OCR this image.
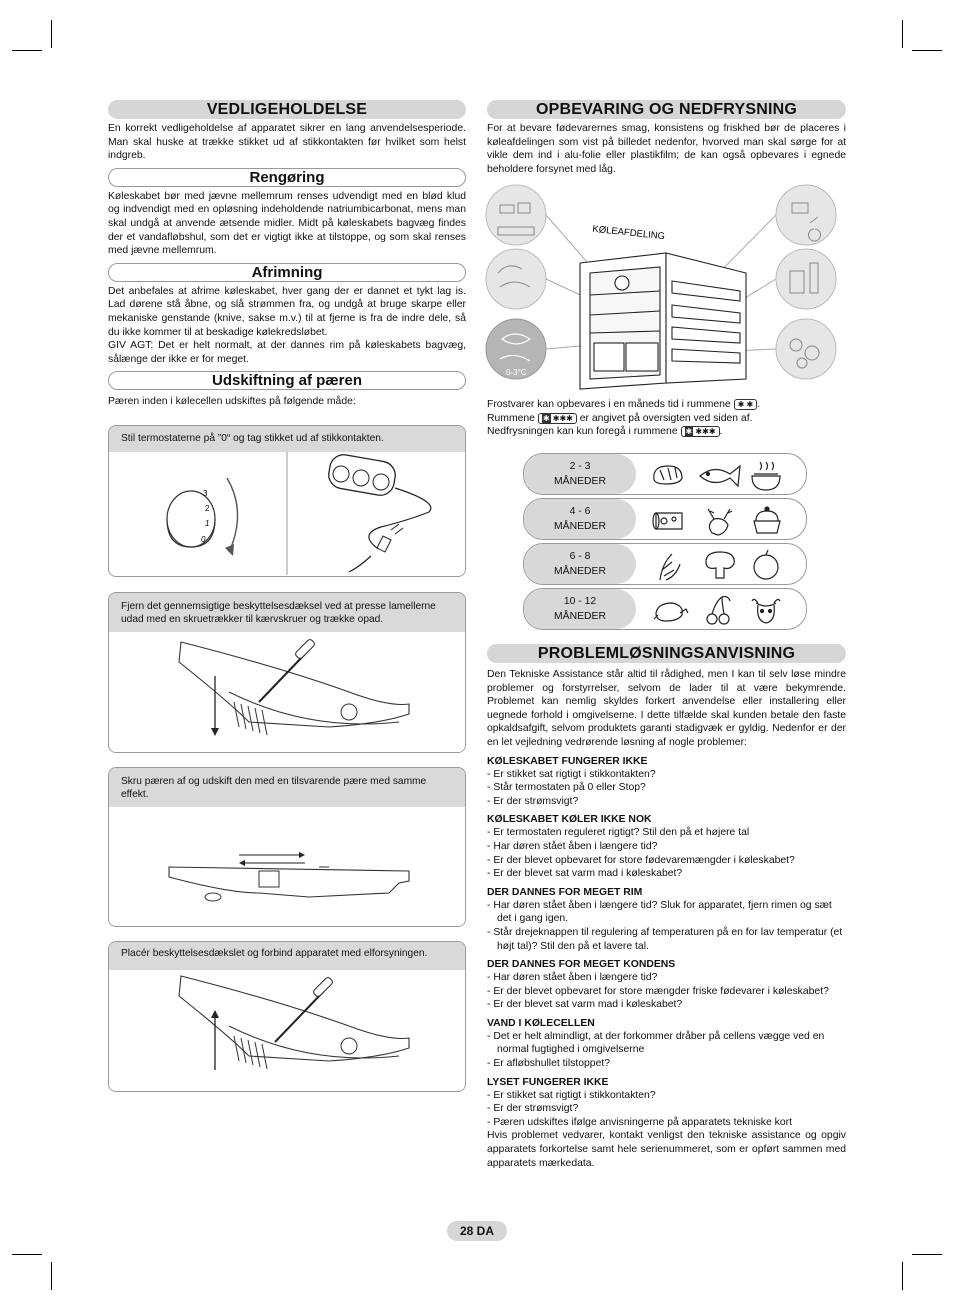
VEDLIGEHOLDELSE

En korrekt vedligeholdelse af apparatet sikrer en lang anvendelsesperiode. Man skal huske at trække stikket ud af stikkontakten før hvilket som helst indgreb.

Rengøring

Køleskabet bør med jævne mellemrum renses udvendigt med en blød klud og indvendigt med en opløsning indeholdende natriumbicarbonat, mens man skal undgå at anvende ætsende midler. Midt på køleskabets bagvæg findes der et vandafløbshul, som det er vigtigt ikke at tilstoppe, og som skal renses med jævne mellemrum.

Afrimning

Det anbefales at afrime køleskabet, hver gang der er dannet et tykt lag is. Lad dørene stå åbne, og slå strømmen fra, og undgå at bruge skarpe eller mekaniske genstande (knive, sakse m.v.) til at fjerne is fra de indre dele, så du ikke kommer til at beskadige kølekredsløbet.

GIV AGT: Det er helt normalt, at der dannes rim på køleskabets bagvæg, sålænge der ikke er for meget.

Udskiftning af pæren

Pæren inden i kølecellen udskiftes på følgende måde:

Stil termostaterne på ”0“ og tag stikket ud af stikkontakten.
3
2
1
0
Fjern det gennemsigtige beskyttelsesdæksel ved at presse lamellerne udad med en skruetrækker til kærvskruer og trække opad.
Skru pæren af og udskift den med en tilsvarende pære med samme effekt.
Placér beskyttelsesdækslet og forbind apparatet med elforsyningen.
OPBEVARING OG NEDFRYSNING

For at bevare fødevarernes smag, konsistens og friskhed bør de placeres i køleafdelingen som vist på billedet nedenfor, hvorved man skal sørge for at vikle dem ind i alu-folie eller plastikfilm; de kan også opbevares i egnede beholdere forsynet med låg.

0-3°C
KØLEAFDELING
Frostvarer kan opbevares i en måneds tid i rummene ✱ ✱ .
Rummene ✱ ✱✱✱ er angivet på oversigten ved siden af.
Nedfrysningen kan kun foregå i rummene ✱ ✱✱✱ .
2 - 3
MÅNEDER
4 - 6
MÅNEDER
6 - 8
MÅNEDER
10 - 12
MÅNEDER
PROBLEMLØSNINGSANVISNING

Den Tekniske Assistance står altid til rådighed, men I kan til selv løse mindre problemer og forstyrrelser, selvom de lader til at være bekymrende. Problemet kan nemlig skyldes forkert anvendelse eller installering eller uegnede forhold i omgivelserne. I dette tilfælde skal kunden betale den faste opkaldsafgift, selvom produktets garanti stadigvæk er gyldig. Nedenfor er der en let vejledning vedrørende løsning af nogle problemer:

KØLESKABET FUNGERER IKKE
- Er stikket sat rigtigt i stikkontakten?
- Står termostaten på 0 eller Stop?
- Er der strømsvigt?
KØLESKABET KØLER IKKE NOK
- Er termostaten reguleret rigtigt? Stil den på et højere tal
- Har døren stået åben i længere tid?
- Er der blevet opbevaret for store fødevaremængder i køleskabet?
- Er der blevet sat varm mad i køleskabet?
DER DANNES FOR MEGET RIM
- Har døren stået åben i længere tid? Sluk for apparatet, fjern rimen og sæt det i gang igen.
- Står drejeknappen til regulering af temperaturen på en for lav temperatur (et højt tal)? Stil den på et lavere tal.
DER DANNES FOR MEGET KONDENS
- Har døren stået åben i længere tid?
- Er der blevet opbevaret for store mængder friske fødevarer i køleskabet?
- Er der blevet sat varm mad i køleskabet?
VAND I KØLECELLEN
- Det er helt almindligt, at der forkommer dråber på cellens vægge ved en normal fugtighed i omgivelserne
- Er afløbshullet tilstoppet?
LYSET FUNGERER IKKE
- Er stikket sat rigtigt i stikkontakten?
- Er der strømsvigt?
- Pæren udskiftes ifølge anvisningerne på apparatets tekniske kort

Hvis problemet vedvarer, kontakt venligst den tekniske assistance og opgiv apparatets forkortelse samt hele serienummeret, som er opført sammen med apparatets mærkedata.

28 DA
